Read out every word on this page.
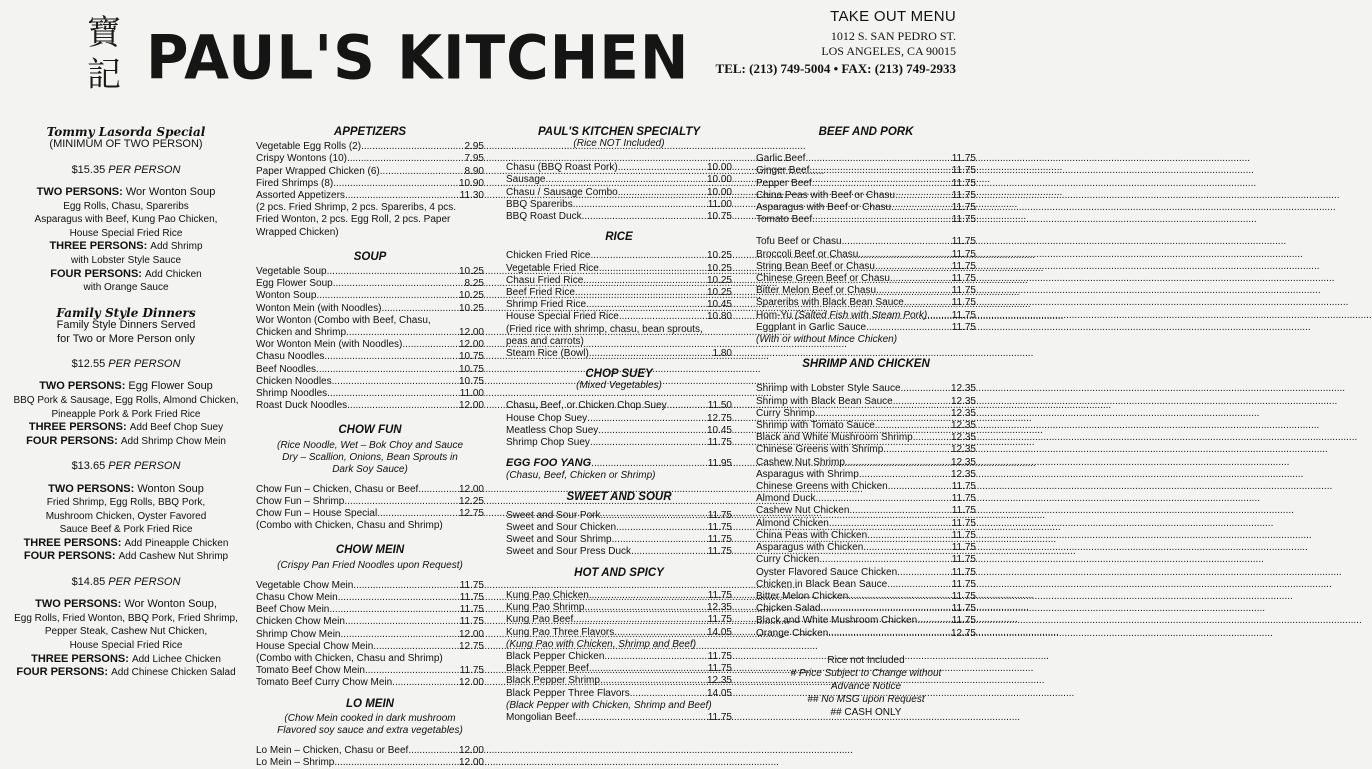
寶
記 PAUL'S KITCHEN
TAKE OUT MENU
1012 S. SAN PEDRO ST.
LOS ANGELES, CA 90015
TEL: (213) 749-5004 • FAX: (213) 749-2933
Tommy Lasorda Special
(MINIMUM OF TWO PERSON)
$15.35 PER PERSON
TWO PERSONS: Wor Wonton Soup
Egg Rolls, Chasu, Spareribs
Asparagus with Beef, Kung Pao Chicken,
House Special Fried Rice
THREE PERSONS: Add Shrimp
with Lobster Style Sauce
FOUR PERSONS: Add Chicken
with Orange Sauce
Family Style Dinners
Family Style Dinners Served
for Two or More Person only
$12.55 PER PERSON
TWO PERSONS: Egg Flower Soup
BBQ Pork & Sausage, Egg Rolls, Almond Chicken,
Pineapple Pork & Pork Fried Rice
THREE PERSONS: Add Beef Chop Suey
FOUR PERSONS: Add Shrimp Chow Mein
$13.65 PER PERSON
TWO PERSONS: Wonton Soup
Fried Shrimp, Egg Rolls, BBQ Pork,
Mushroom Chicken, Oyster Favored
Sauce Beef & Pork Fried Rice
THREE PERSONS: Add Pineapple Chicken
FOUR PERSONS: Add Cashew Nut Shrimp
$14.85 PER PERSON
TWO PERSONS: Wor Wonton Soup,
Egg Rolls, Fried Wonton, BBQ Pork, Fried Shrimp,
Pepper Steak, Cashew Nut Chicken,
House Special Fried Rice
THREE PERSONS: Add Lichee Chicken
FOUR PERSONS: Add Chinese Chicken Salad
APPETIZERS
Vegetable Egg Rolls (2) .....	2.95
Crispy Wontons (10) .....	7.95
Paper Wrapped Chicken (6) .....	8.90
Fired Shrimps (8) .....	10.90
Assorted Appetizers .....	11.30
(2 pcs. Fried Shrimp, 2 pcs. Spareribs, 4 pcs.
Fried Wonton, 2 pcs. Egg Roll, 2 pcs. Paper
Wrapped Chicken)
SOUP
Vegetable Soup .....	10.25
Egg Flower Soup .....	8.25
Wonton Soup .....	10.25
Wonton Mein (with Noodles) .....	10.25
Wor Wonton (Combo with Beef, Chasu,
Chicken and Shrimp .....	12.00
Wor Wonton Mein (with Noodles) .....	12.00
Chasu Noodles .....	10.75
Beef Noodles .....	10.75
Chicken Noodles .....	10.75
Shrimp Noodles .....	11.00
Roast Duck Noodles .....	12.00
CHOW FUN
(Rice Noodle, Wet – Bok Choy and Sauce
Dry – Scallion, Onions, Bean Sprouts in
Dark Soy Sauce)
Chow Fun – Chicken, Chasu or Beef .....	12.00
Chow Fun – Shrimp .....	12.25
Chow Fun – House Special .....	12.75
(Combo with Chicken, Chasu and Shrimp)
CHOW MEIN
(Crispy Pan Fried Noodles upon Request)
Vegetable Chow Mein .....	11.75
Chasu Chow Mein .....	11.75
Beef Chow Mein .....	11.75
Chicken Chow Mein .....	11.75
Shrimp Chow Mein .....	12.00
House Special Chow Mein .....	12.75
(Combo with Chicken, Chasu and Shrimp)
Tomato Beef Chow Mein .....	11.75
Tomato Beef Curry Chow Mein .....	12.00
LO MEIN
(Chow Mein cooked in dark mushroom
Flavored soy sauce and extra vegetables)
Lo Mein – Chicken, Chasu or Beef .....	12.00
Lo Mein – Shrimp .....	12.00
PAUL'S KITCHEN SPECIALTY
(Rice NOT Included)
Chasu (BBQ Roast Pork) .....	10.00
Sausage .....	10.00
Chasu / Sausage Combo .....	10.00
BBQ Spareribs .....	11.00
BBQ Roast Duck .....	10.75
RICE
Chicken Fried Rice .....	10.25
Vegetable Fried Rice .....	10.25
Chasu Fried Rice .....	10.25
Beef Fried Rice .....	10.25
Shrimp Fried Rice .....	10.45
House Special Fried Rice .....	10.80
(Fried rice with shrimp, chasu, bean sprouts,
peas and carrots)
Steam Rice (Bowl) .....	1.80
CHOP SUEY
(Mixed Vegetables)
Chasu, Beef, or Chicken Chop Suey .....	11.50
House Chop Suey .....	12.75
Meatless Chop Suey .....	10.45
Shrimp Chop Suey .....	11.75
EGG FOO YANG .....	11.95
(Chasu, Beef, Chicken or Shrimp)
SWEET AND SOUR
Sweet and Sour Pork .....	11.75
Sweet and Sour Chicken .....	11.75
Sweet and Sour Shrimp .....	11.75
Sweet and Sour Press Duck .....	11.75
HOT AND SPICY
Kung Pao Chicken .....	11.75
Kung Pao Shrimp .....	12.35
Kung Pao Beef .....	11.75
Kung Pao Three Flavors .....	14.05
(Kung Pao with Chicken, Shrimp and Beef)
Black Pepper Chicken .....	11.75
Black Pepper Beef .....	11.75
Black Pepper Shrimp .....	12.35
Black Pepper Three Flavors .....	14.05
(Black Pepper with Chicken, Shrimp and Beef)
Mongolian Beef .....	11.75
BEEF AND PORK
Garlic Beef .....	11.75
Ginger Beef .....	11.75
Pepper Beef .....	11.75
China Peas with Beef or Chasu .....	11.75
Asparagus with Beef or Chasu .....	11.75
Tomato Beef .....	11.75
Tofu Beef or Chasu .....	11.75
Broccoli Beef or Chasu .....	11.75
String Bean Beef or Chasu .....	11.75
Chinese Green Beef or Chasu .....	11.75
Bitter Melon Beef or Chasu .....	11.75
Spareribs with Black Bean Sauce .....	11.75
Hom-Yu (Salted Fish with Steam Pork) ..... 11.75
Eggplant in Garlic Sauce .....	11.75
(With or without Mince Chicken)
SHRIMP AND CHICKEN
Shrimp with Lobster Style Sauce .....	12.35
Shrimp with Black Bean Sauce .....	12.35
Curry Shrimp .....	12.35
Shrimp with Tomato Sauce .....	12.35
Black and White Mushroom Shrimp .....	12.35
Chinese Greens with Shrimp .....	12.35
Cashew Nut Shrimp .....	12.35
Asparagus with Shrimp .....	12.35
Chinese Greens with Chicken .....	11.75
Almond Duck .....	11.75
Cashew Nut Chicken .....	11.75
Almond Chicken .....	11.75
China Peas with Chicken .....	11.75
Asparagus with Chicken .....	11.75
Curry Chicken .....	11.75
Oyster Flavored Sauce Chicken .....	11.75
Chicken in Black Bean Sauce .....	11.75
Bitter Melon Chicken .....	11.75
Chicken Salad .....	11.75
Black and White Mushroom Chicken .....	11.75
Orange Chicken .....	12.75
Rice not Included
# Price Subject to Change without
Advance Notice
## No MSG upon Request
## CASH ONLY
